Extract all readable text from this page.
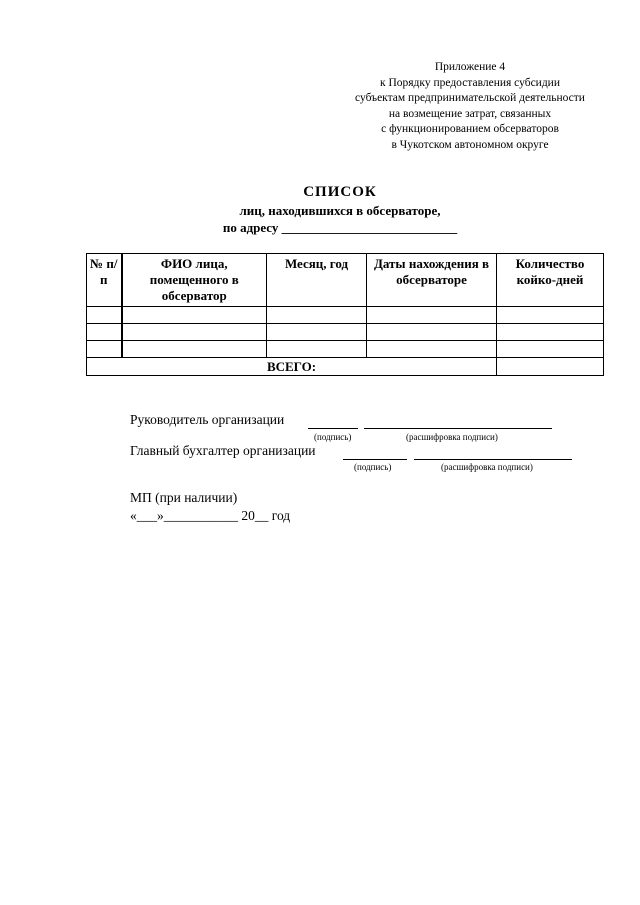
Приложение 4
к Порядку предоставления субсидии
субъектам предпринимательской деятельности
на возмещение затрат, связанных
с функционированием обсерваторов
в Чукотском автономном округе
СПИСОК
лиц, находившихся в обсерваторе,
по адресу ___________________________
№ п/п	ФИО лица, помещенного в обсерватор	Месяц, год	Даты нахождения в обсерваторе	Количество койко-дней

ВСЕГО:				
Руководитель организации
(подпись)	(расшифровка подписи)
Главный бухгалтер организации
(подпись)	(расшифровка подписи)
МП (при наличии)
«___»___________ 20__ год
